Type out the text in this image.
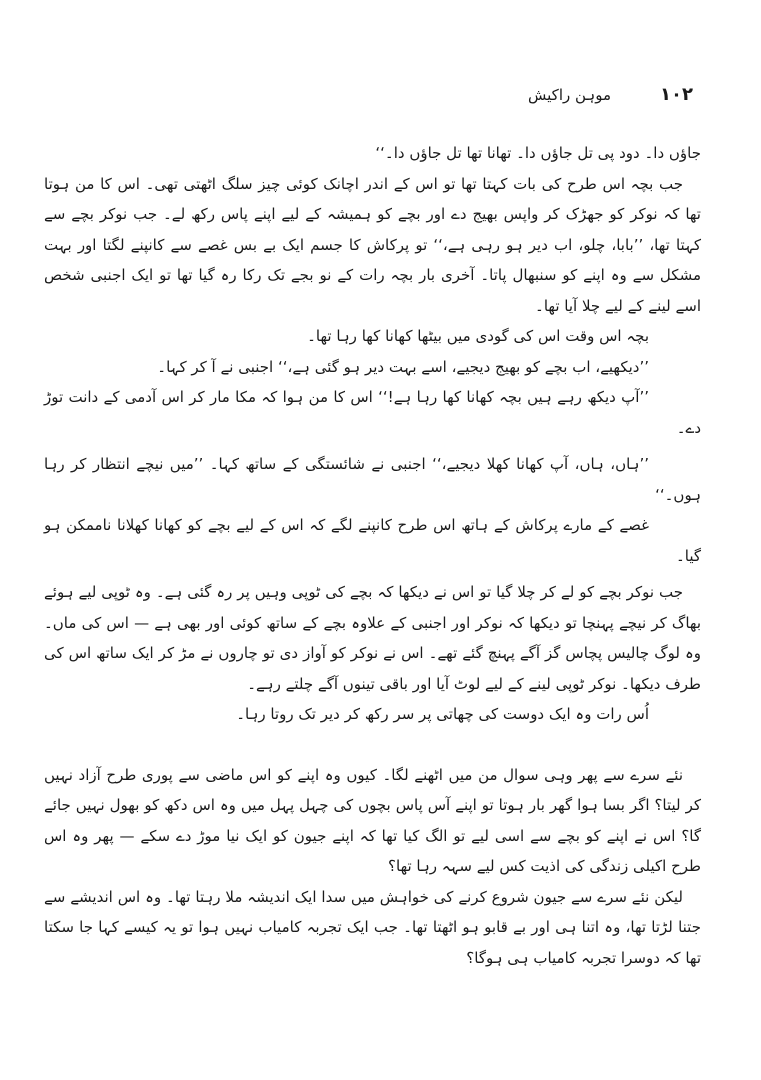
۱۰۲
موہن راکیش

جاؤں دا۔ دود پی تل جاؤں دا۔ تھانا تھا تل جاؤں دا۔‘‘

جب بچہ اس طرح کی بات کہتا تھا تو اس کے اندر اچانک کوئی چیز سلگ اٹھتی تھی۔ اس کا من ہوتا تھا کہ نوکر کو جھڑک کر واپس بھیج دے اور بچے کو ہمیشہ کے لیے اپنے پاس رکھ لے۔ جب نوکر بچے سے کہتا تھا، ’’بابا، چلو، اب دیر ہو رہی ہے،‘‘ تو پرکاش کا جسم ایک بے بس غصے سے کانپنے لگتا اور بہت مشکل سے وہ اپنے کو سنبھال پاتا۔ آخری بار بچہ رات کے نو بجے تک رکا رہ گیا تھا تو ایک اجنبی شخص اسے لینے کے لیے چلا آیا تھا۔

بچہ اس وقت اس کی گودی میں بیٹھا کھانا کھا رہا تھا۔

’’دیکھیے، اب بچے کو بھیج دیجیے، اسے بہت دیر ہو گئی ہے،‘‘ اجنبی نے آ کر کہا۔

’’آپ دیکھ رہے ہیں بچہ کھانا کھا رہا ہے!‘‘ اس کا من ہوا کہ مکا مار کر اس آدمی کے دانت توڑ دے۔

’’ہاں، ہاں، آپ کھانا کھلا دیجیے،‘‘ اجنبی نے شائستگی کے ساتھ کہا۔ ’’میں نیچے انتظار کر رہا ہوں۔‘‘

غصے کے مارے پرکاش کے ہاتھ اس طرح کانپنے لگے کہ اس کے لیے بچے کو کھانا کھلانا ناممکن ہو گیا۔

جب نوکر بچے کو لے کر چلا گیا تو اس نے دیکھا کہ بچے کی ٹوپی وہیں پر رہ گئی ہے۔ وہ ٹوپی لیے ہوئے بھاگ کر نیچے پہنچا تو دیکھا کہ نوکر اور اجنبی کے علاوہ بچے کے ساتھ کوئی اور بھی ہے — اس کی ماں۔ وہ لوگ چالیس پچاس گز آگے پہنچ گئے تھے۔ اس نے نوکر کو آواز دی تو چاروں نے مڑ کر ایک ساتھ اس کی طرف دیکھا۔ نوکر ٹوپی لینے کے لیے لوٹ آیا اور باقی تینوں آگے چلتے رہے۔

اُس رات وہ ایک دوست کی چھاتی پر سر رکھ کر دیر تک روتا رہا۔

نئے سرے سے پھر وہی سوال من میں اٹھنے لگا۔ کیوں وہ اپنے کو اس ماضی سے پوری طرح آزاد نہیں کر لیتا؟ اگر بسا ہوا گھر بار ہوتا تو اپنے آس پاس بچوں کی چہل پہل میں وہ اس دکھ کو بھول نہیں جائے گا؟ اس نے اپنے کو بچے سے اسی لیے تو الگ کیا تھا کہ اپنے جیون کو ایک نیا موڑ دے سکے — پھر وہ اس طرح اکیلی زندگی کی اذیت کس لیے سہہ رہا تھا؟

لیکن نئے سرے سے جیون شروع کرنے کی خواہش میں سدا ایک اندیشہ ملا رہتا تھا۔ وہ اس اندیشے سے جتنا لڑتا تھا، وہ اتنا ہی اور بے قابو ہو اٹھتا تھا۔ جب ایک تجربہ کامیاب نہیں ہوا تو یہ کیسے کہا جا سکتا تھا کہ دوسرا تجربہ کامیاب ہی ہوگا؟
